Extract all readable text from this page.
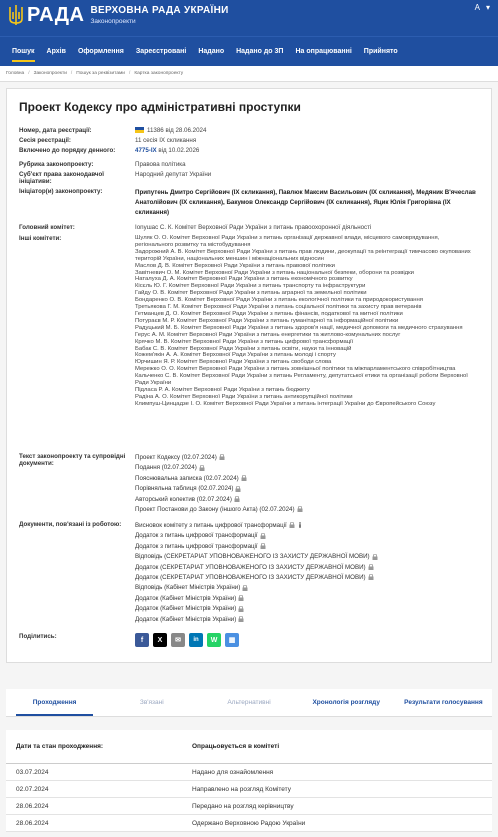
РАДА ВЕРХОВНА РАДА УКРАЇНИ
Законопроекти
A ▾
Пошук	Архів	Оформлення	Зареєстровані	Надано	Надано до 3П	На опрацюванні	Прийнято
Головна / Законопроекти / Пошук за реквізитами / Картка законопроекту
Проект Кодексу про адміністративні проступки
Номер, дата реєстрації:	11386 від 28.06.2024
Сесія реєстрації:	11 сесія IX скликання
Включено до порядку денного:	4775-IX від 10.02.2026
Рубрика законопроекту:	Правова політика
Суб'єкт права законодавчої ініціативи:
Народний депутат України
Ініціатор(и) законопроекту:	Припутень Дмитро Сергійович (IX скликання), Павлюк Максим Васильович (IX скликання), Медяник В'ячеслав Анатолійович (IX скликання), Бакумов Олександр Сергійович (IX скликання), Яцик Юлія Григорівна (IX скликання)
Головний комітет:	Ionyшас С. К. Комітет Верховної Ради України з питань правоохоронної діяльності
Інші комітети:	Шуляк О. О. Комітет Верховної Ради України з питань організації державної влади, місцевого самоврядування, регіонального розвитку та містобудування
Задорожний А. В. Комітет Верховної Ради України з питань прав людини, деокупації та реінтеграції тимчасово окупованих територій України, національних меншин і міжнаціональних відносин
Маслов Д. В. Комітет Верховної Ради України з питань правової політики
Завітневич О. М. Комітет Верховної Ради України з питань національної безпеки, оборони та розвідки
Наталуха Д. А. Комітет Верховної Ради України з питань економічного розвитку
Кісєль Ю. Г. Комітет Верховної Ради України з питань транспорту та інфраструктури
Гайду О. В. Комітет Верховної Ради України з питань аграрної та земельної політики
Бондаренко О. В. Комітет Верховної Ради України з питань екологічної політики та природокористування
Третьякова Г. М. Комітет Верховної Ради України з питань соціальної політики та захисту прав ветеранів
Гетманцев Д. О. Комітет Верховної Ради України з питань фінансів, податкової та митної політики
Потураєв М. Р. Комітет Верховної Ради України з питань гуманітарної та інформаційної політики
Радуцький М. Б. Комітет Верховної Ради України з питань здоров'я нації, медичної допомоги та медичного страхування
Герус А. М. Комітет Верховної Ради України з питань енергетики та житлово-комунальних послуг
Крячко М. В. Комітет Верховної Ради України з питань цифрової трансформації
Бабак С. В. Комітет Верховної Ради України з питань освіти, науки та інновацій
Кожем'якін А. А. Комітет Верховної Ради України з питань молоді і спорту
Юрчишин Я. Р. Комітет Верховної Ради України з питань свободи слова
Мережко О. О. Комітет Верховної Ради України з питань зовнішньої політики та міжпарламентського співробітництва
Кальченко С. В. Комітет Верховної Ради України з питань Регламенту, депутатської етики та організації роботи Верховної Ради України
Підласа Р. А. Комітет Верховної Ради України з питань бюджету
Радіна А. О. Комітет Верховної Ради України з питань антикорупційної політики
Климпуш-Цинцадзе І. О. Комітет Верховної Ради України з питань інтеграції України до Європейського Союзу
Текст законопроекту та супровідні документи:
Проект Кодексу (02.07.2024)
Подання (02.07.2024)
Пояснювальна записка (02.07.2024)
Порівняльна таблиця (02.07.2024)
Авторський колектив (02.07.2024)
Проект Постанови до Закону (іншого Акта) (02.07.2024)
Документи, пов'язані із роботою:	Висновок комітету з питань цифрової трансформації
Додаток з питань цифрової трансформації
Додаток з питань цифрової трансформації
Відповідь (СЕКРЕТАРІАТ УПОВНОВАЖЕНОГО ІЗ ЗАХИСТУ ДЕРЖАВНОЇ МОВИ)
Додаток (СЕКРЕТАРІАТ УПОВНОВАЖЕНОГО ІЗ ЗАХИСТУ ДЕРЖАВНОЇ МОВИ)
Додаток (СЕКРЕТАРІАТ УПОВНОВАЖЕНОГО ІЗ ЗАХИСТУ ДЕРЖАВНОЇ МОВИ)
Відповідь (Кабінет Міністрів України)
Додаток (Кабінет Міністрів України)
Додаток (Кабінет Міністрів України)
Додаток (Кабінет Міністрів України)
Поділитись:	f	X	✉	in	W	▦
Проходження	Зв'язані	Альтернативні	Хронологія розгляду	Результати голосування
Дати та стан проходження:	Опрацьовується в комітеті
03.07.2024	Надано для ознайомлення
02.07.2024	Направлено на розгляд Комітету
28.06.2024	Передано на розгляд керівництву
28.06.2024	Одержано Верховною Радою України
